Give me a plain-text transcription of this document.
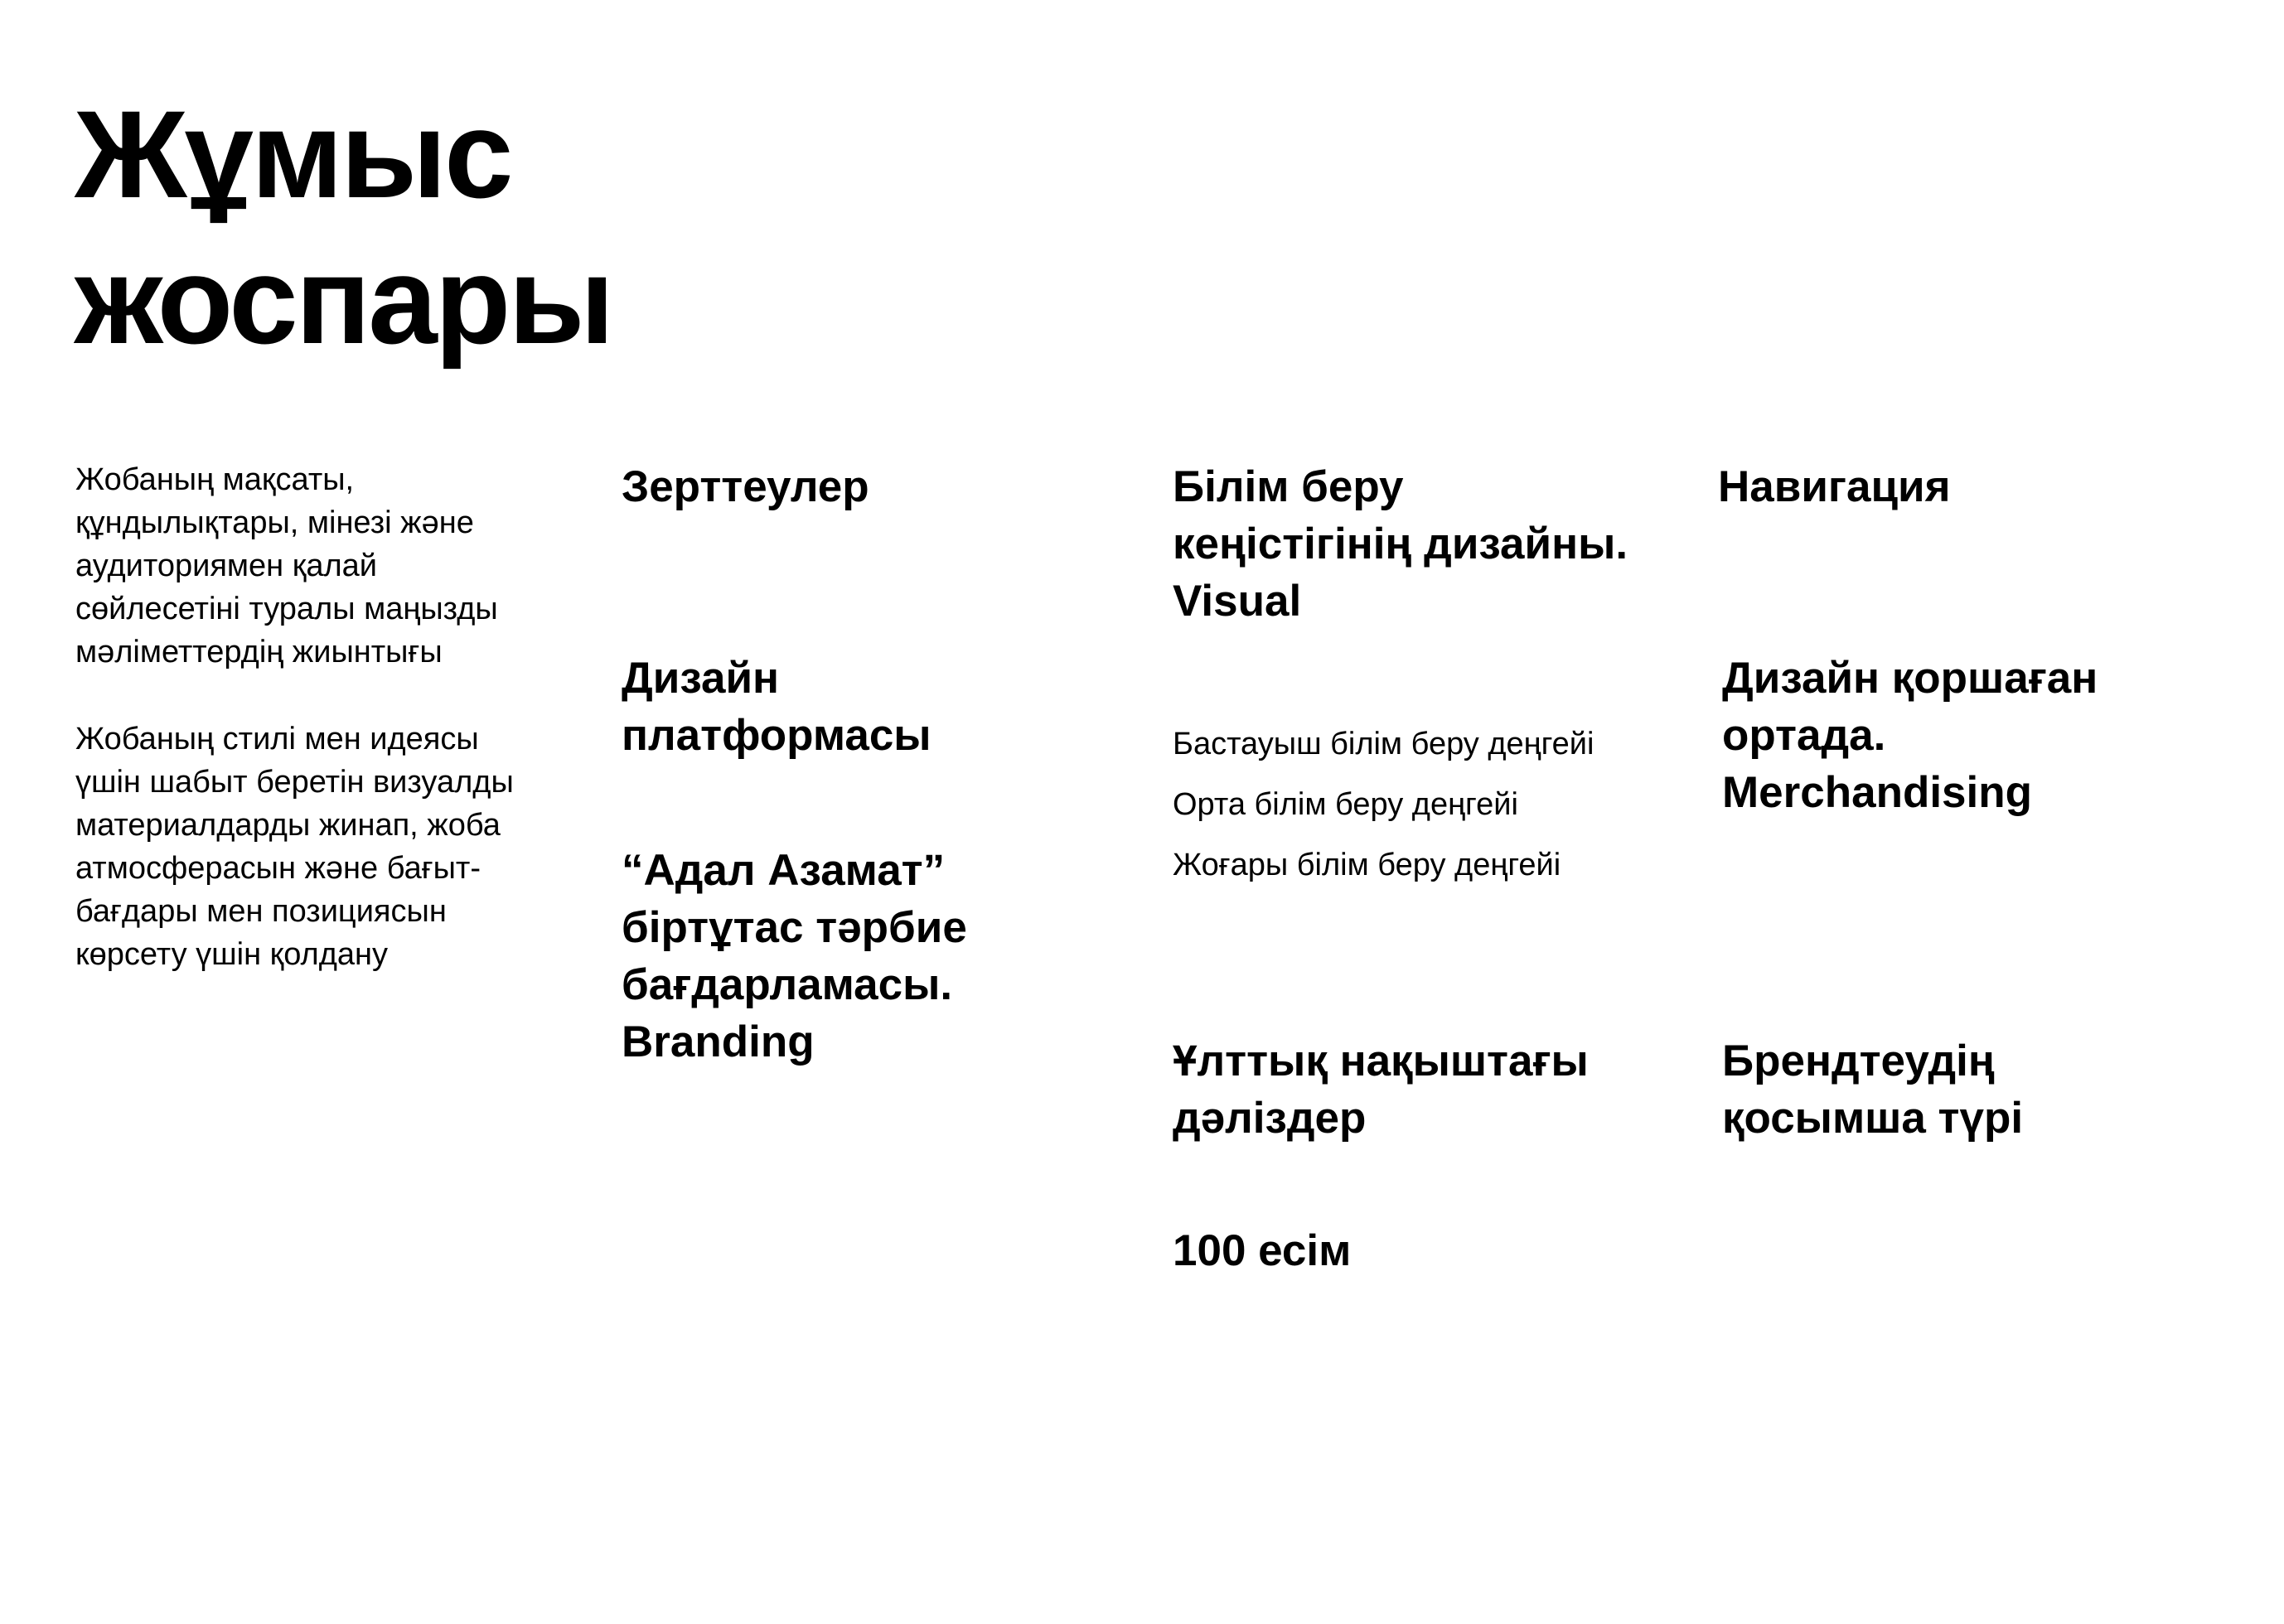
Жұмыс
жоспары

Жобаның мақсаты,
құндылықтары, мінезі және
аудиториямен қалай
сөйлесетіні туралы маңызды
мәліметтердің жиынтығы

Жобаның стилі мен идеясы
үшін шабыт беретін визуалды
материалдарды жинап, жоба
атмосферасын және бағыт-
бағдары мен позициясын
көрсету үшін қолдану

Зерттеулер
Дизайн
платформасы
“Адал Азамат”
біртұтас тәрбие
бағдарламасы.
Branding
Білім беру
кеңістігінің дизайны.
Visual
Бастауыш білім беру деңгейі
Орта білім беру деңгейі
Жоғары білім беру деңгейі
Ұлттық нақыштағы
дәліздер
100 есім
Навигация
Дизайн қоршаған
ортада.
Merchandising
Брендтеудің
қосымша түрі
